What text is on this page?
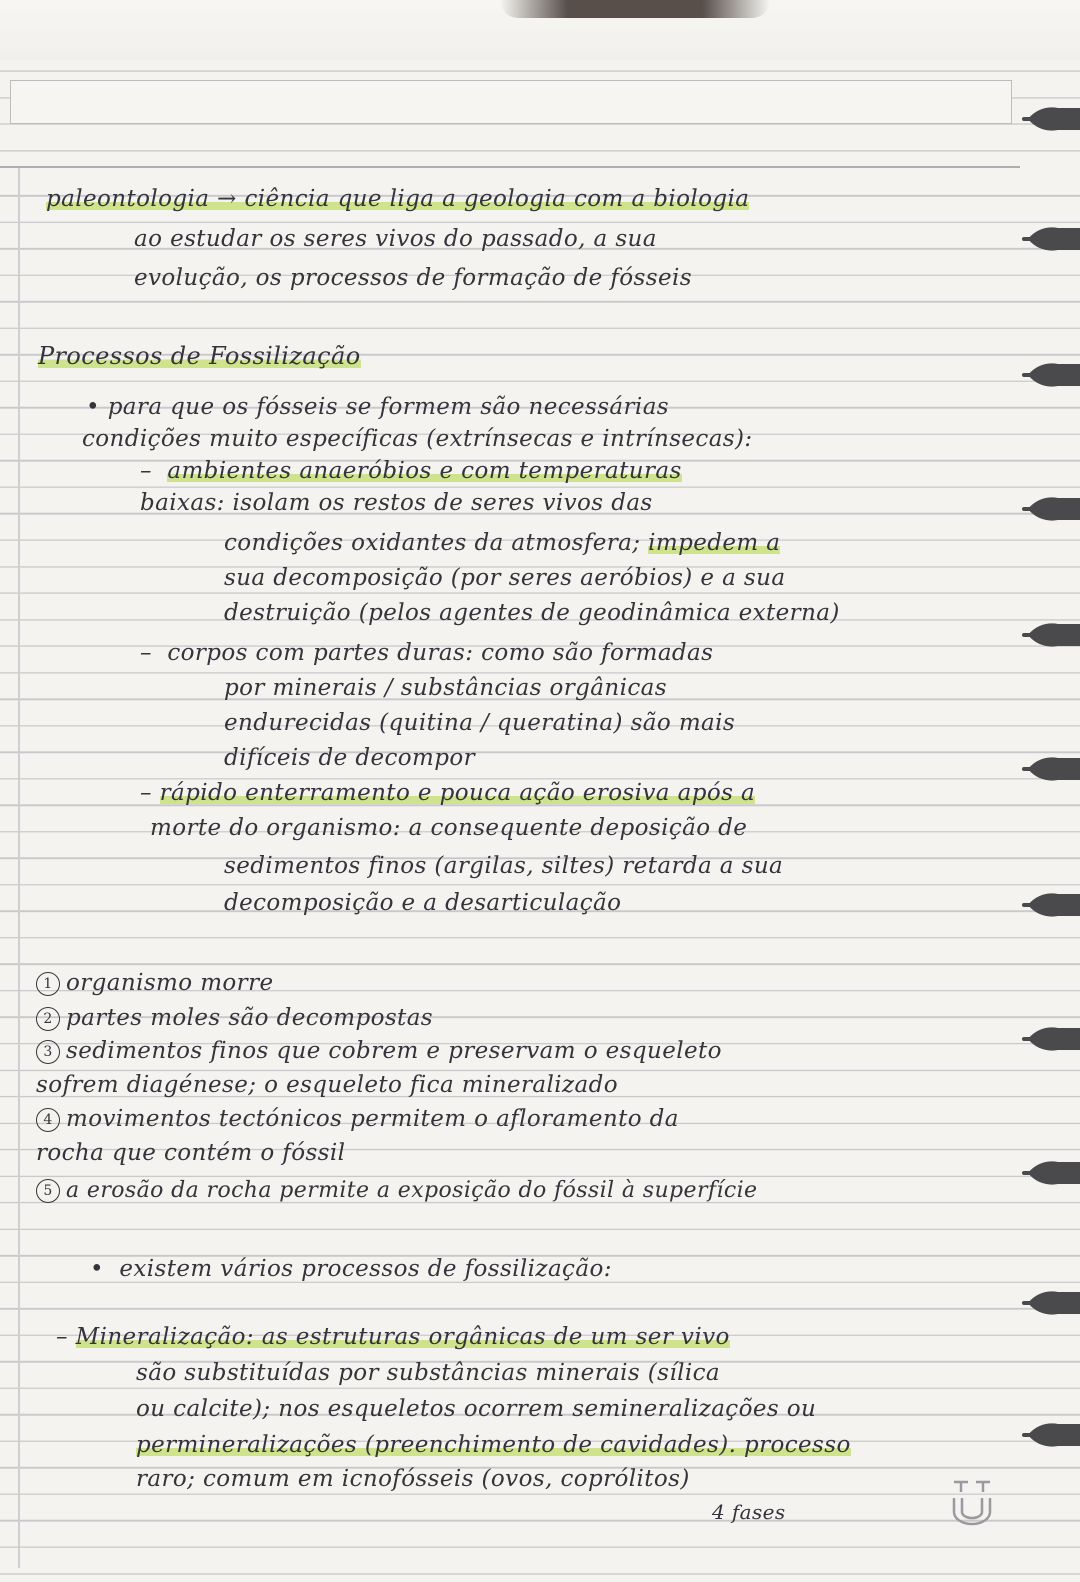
paleontologia → ciência que liga a geologia com a biologia
ao estudar os seres vivos do passado, a sua
evolução, os processos de formação de fósseis
Processos de Fossilização
• para que os fósseis se formem são necessárias
condições muito específicas (extrínsecas e intrínsecas):
–  ambientes anaeróbios e com temperaturas
baixas: isolam os restos de seres vivos das
condições oxidantes da atmosfera; impedem a
sua decomposição (por seres aeróbios) e a sua
destruição (pelos agentes de geodinâmica externa)
–  corpos com partes duras: como são formadas
por minerais / substâncias orgânicas
endurecidas (quitina / queratina) são mais
difíceis de decompor
– rápido enterramento e pouca ação erosiva após a
morte do organismo: a consequente deposição de
sedimentos finos (argilas, siltes) retarda a sua
decomposição e a desarticulação
1 organismo morre
2 partes moles são decompostas
3 sedimentos finos que cobrem e preservam o esqueleto
sofrem diagénese; o esqueleto fica mineralizado
4 movimentos tectónicos permitem o afloramento da
rocha que contém o fóssil
5 a erosão da rocha permite a exposição do fóssil à superfície
•  existem vários processos de fossilização:
– Mineralização: as estruturas orgânicas de um ser vivo
são substituídas por substâncias minerais (sílica
ou calcite); nos esqueletos ocorrem semineralizações ou
permineralizações (preenchimento de cavidades). processo
raro; comum em icnofósseis (ovos, coprólitos)
4 fases
